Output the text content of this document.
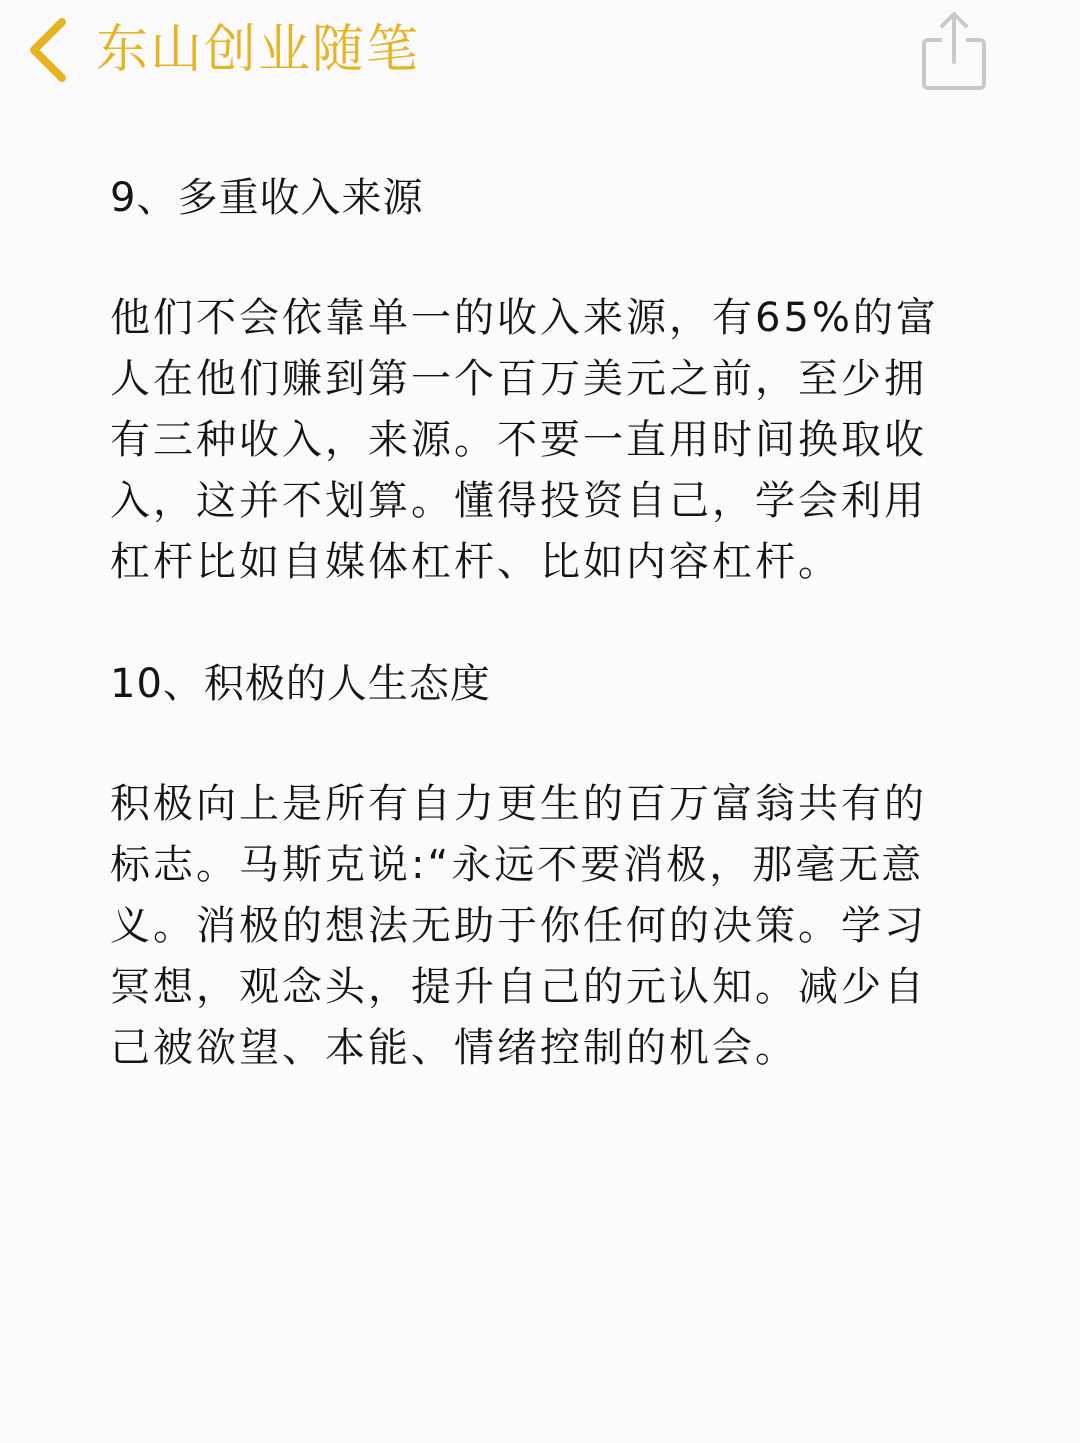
东山创业随笔
9、多重收入来源
他们不会依靠单一的收入来源，有65%的富
人在他们赚到第一个百万美元之前，至少拥
有三种收入，来源。不要一直用时间换取收
入，这并不划算。懂得投资自己，学会利用
杠杆比如自媒体杠杆、比如内容杠杆。
10、积极的人生态度
积极向上是所有自力更生的百万富翁共有的
标志。马斯克说:“永远不要消极，那毫无意
义。消极的想法无助于你任何的决策。学习
冥想，观念头，提升自己的元认知。减少自
己被欲望、本能、情绪控制的机会。
